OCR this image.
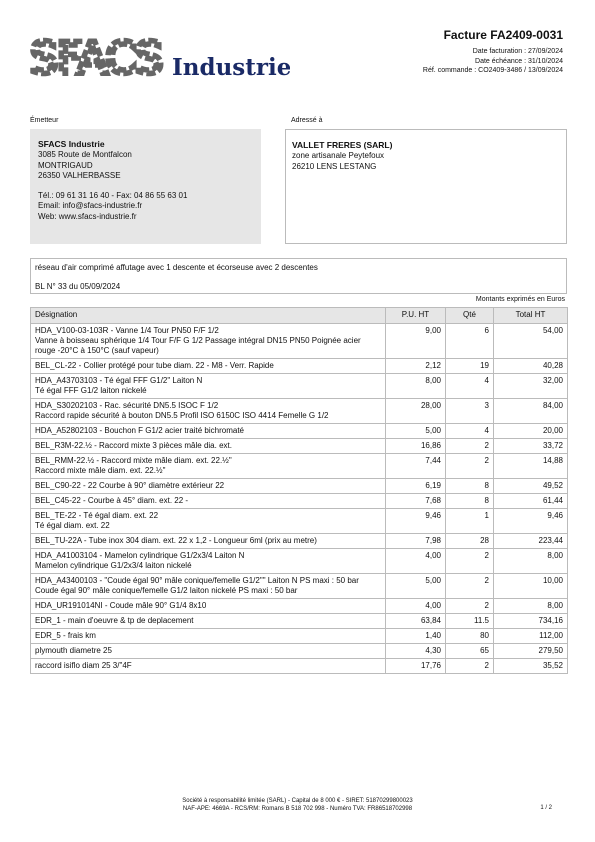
SFACS Industrie
Facture FA2409-0031
Date facturation : 27/09/2024
Date échéance : 31/10/2024
Réf. commande : CO2409-3486 / 13/09/2024
Émetteur	Adressé à
SFACS Industrie
3085 Route de Montfalcon
MONTRIGAUD
26350 VALHERBASSE
Tél.: 09 61 31 16 40 - Fax: 04 86 55 63 01
Email: info@sfacs-industrie.fr
Web: www.sfacs-industrie.fr
VALLET FRERES (SARL)
zone artisanale Peytefoux
26210 LENS LESTANG
réseau d'air comprimé affutage avec 1 descente et écorseuse avec 2 descentes
BL N° 33 du 05/09/2024
Montants exprimés en Euros
Désignation	P.U. HT	Qté	Total HT

HDA_V100-03-103R - Vanne 1/4 Tour PN50 F/F 1/2
Vanne à boisseau sphérique 1/4 Tour F/F G 1/2 Passage intégral DN15 PN50 Poignée acier rouge -20°C à 150°C (sauf vapeur)	9,00	6	54,00

BEL_CL-22 - Collier protégé pour tube diam. 22 - M8 - Verr. Rapide	2,12	19	40,28

HDA_A43703103 - Té égal FFF G1/2" Laiton N
Té égal FFF G1/2 laiton nickelé	8,00	4	32,00

HDA_S30202103 - Rac. sécurité DN5.5 ISOC F 1/2
Raccord rapide sécurité à bouton DN5.5 Profil ISO 6150C ISO 4414 Femelle G 1/2	28,00	3	84,00

HDA_A52802103 - Bouchon F G1/2 acier traité bichromaté	5,00	4	20,00

BEL_R3M-22.½ - Raccord mixte 3 pièces mâle dia. ext.	16,86	2	33,72

BEL_RMM-22.½ - Raccord mixte mâle diam. ext. 22.½"
Raccord mixte mâle diam. ext. 22.½"	7,44	2	14,88

BEL_C90-22 - 22 Courbe à 90° diamètre extérieur 22	6,19	8	49,52

BEL_C45-22 - Courbe à 45° diam. ext. 22 -	7,68	8	61,44

BEL_TE-22 - Té égal diam. ext. 22
Té égal diam. ext. 22	9,46	1	9,46

BEL_TU-22A - Tube inox 304 diam. ext. 22 x 1,2 - Longueur 6ml (prix au metre)	7,98	28	223,44

HDA_A41003104 - Mamelon cylindrique G1/2x3/4 Laiton N
Mamelon cylindrique G1/2x3/4 laiton nickelé	4,00	2	8,00

HDA_A43400103 - "Coude égal 90° mâle conique/femelle G1/2"" Laiton N PS maxi : 50 bar
Coude égal 90° mâle conique/femelle G1/2 laiton nickelé PS maxi : 50 bar	5,00	2	10,00

HDA_UR191014NI - Coude mâle 90° G1/4 8x10	4,00	2	8,00

EDR_1 - main d'oeuvre & tp de deplacement	63,84	11.5	734,16

EDR_5 - frais km	1,40	80	112,00

plymouth diametre 25	4,30	65	279,50

raccord isiflo diam 25 3/"4F	17,76	2	35,52
Société à responsabilité limitée (SARL) - Capital de 8 000 € - SIRET: 51870299800023
NAF-APE: 4669A - RCS/RM: Romans B 518 702 998 - Numéro TVA: FR86518702998	1 / 2
